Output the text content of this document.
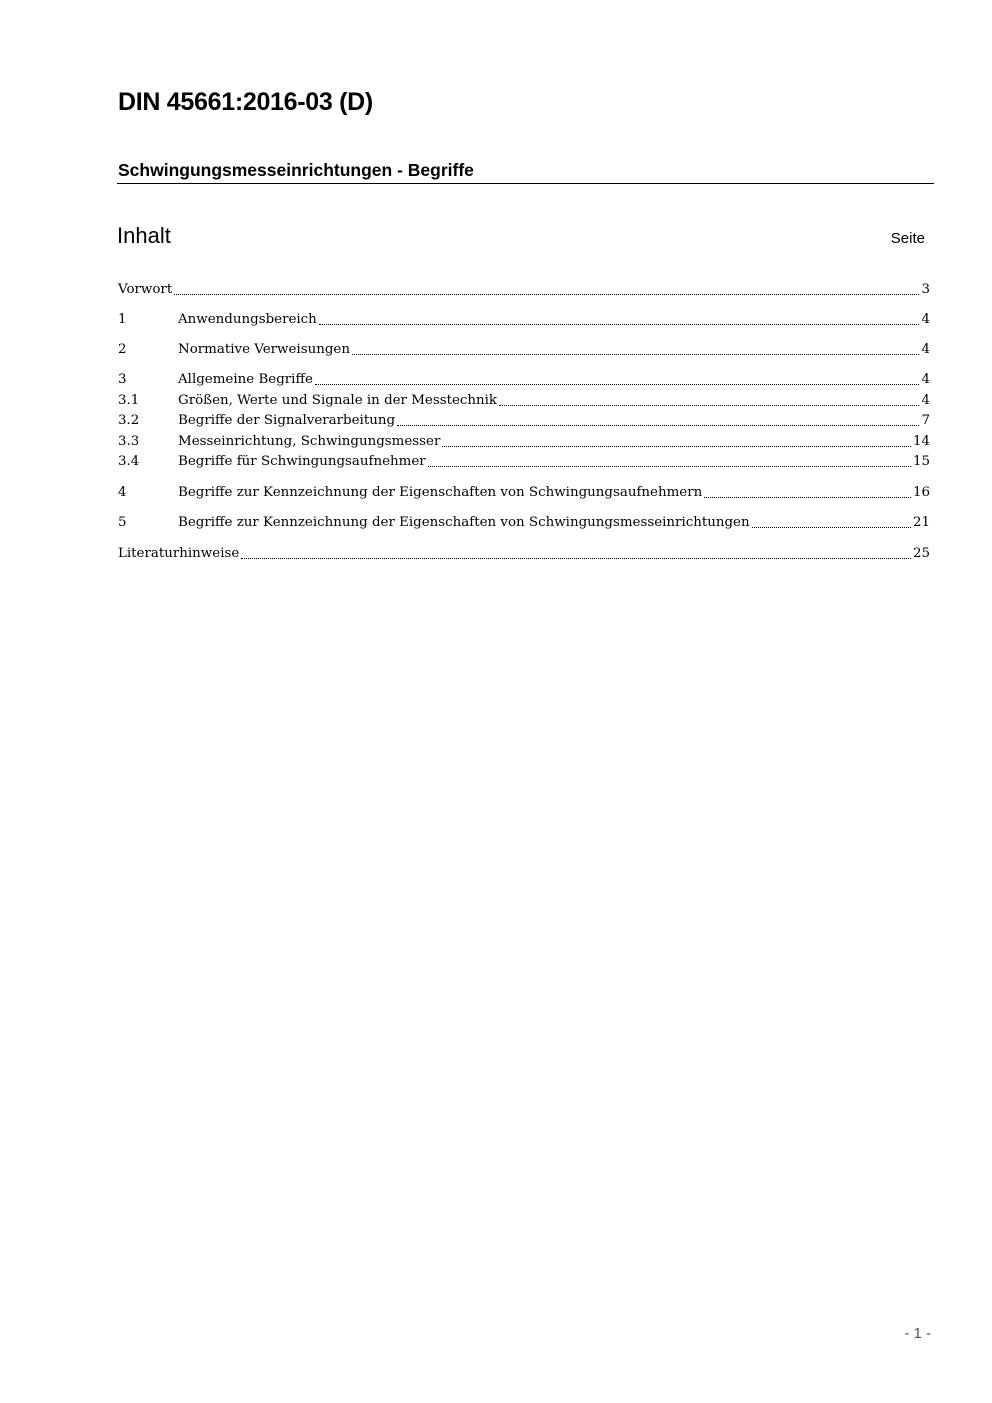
DIN 45661:2016-03 (D)
Schwingungsmesseinrichtungen - Begriffe
Inhalt	Seite
Vorwort	3
1	Anwendungsbereich	4
2	Normative Verweisungen	4
3	Allgemeine Begriffe	4
3.1	Größen, Werte und Signale in der Messtechnik	4
3.2	Begriffe der Signalverarbeitung	7
3.3	Messeinrichtung, Schwingungsmesser	14
3.4	Begriffe für Schwingungsaufnehmer	15
4	Begriffe zur Kennzeichnung der Eigenschaften von Schwingungsaufnehmern	16
5	Begriffe zur Kennzeichnung der Eigenschaften von Schwingungsmesseinrichtungen	21
Literaturhinweise	25
- 1 -
